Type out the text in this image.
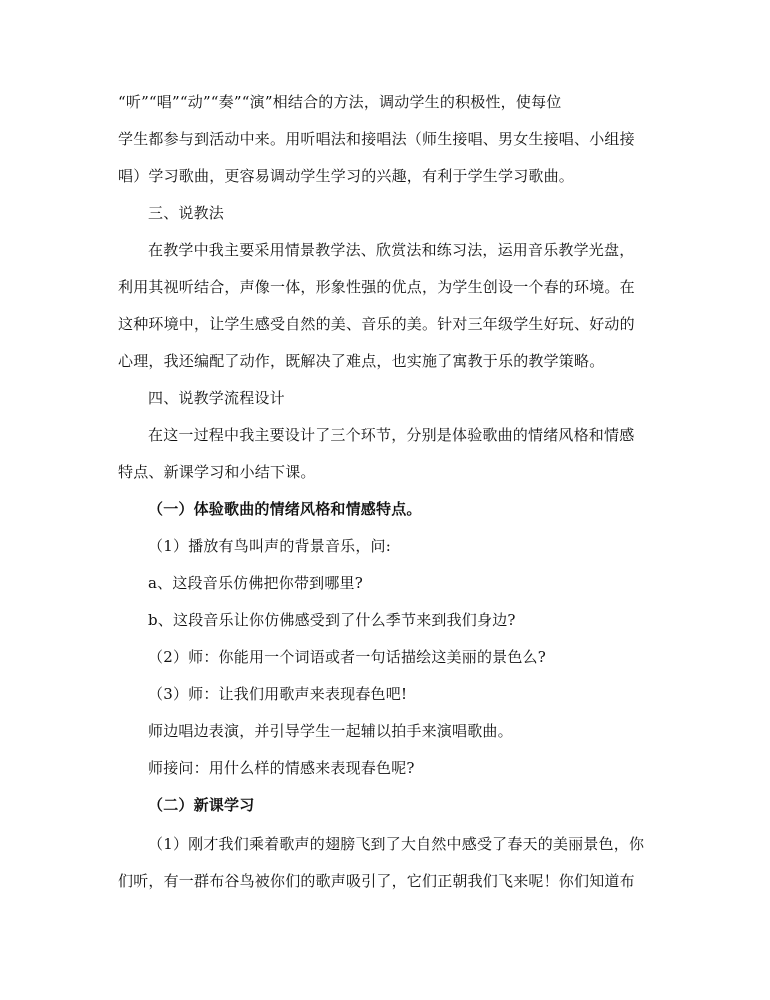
“听”“唱”“动”“奏”“演”相结合的方法，调动学生的积极性，使每位
学生都参与到活动中来。用听唱法和接唱法（师生接唱、男女生接唱、小组接
唱）学习歌曲，更容易调动学生学习的兴趣，有利于学生学习歌曲。
三、说教法
在教学中我主要采用情景教学法、欣赏法和练习法，运用音乐教学光盘，
利用其视听结合，声像一体，形象性强的优点，为学生创设一个春的环境。在
这种环境中，让学生感受自然的美、音乐的美。针对三年级学生好玩、好动的
心理，我还编配了动作，既解决了难点，也实施了寓教于乐的教学策略。
四、说教学流程设计
在这一过程中我主要设计了三个环节，分别是体验歌曲的情绪风格和情感
特点、新课学习和小结下课。
（一）体验歌曲的情绪风格和情感特点。
（1）播放有鸟叫声的背景音乐，问:
a、这段音乐仿佛把你带到哪里?
b、这段音乐让你仿佛感受到了什么季节来到我们身边?
（2）师：你能用一个词语或者一句话描绘这美丽的景色么?
（3）师：让我们用歌声来表现春色吧!
师边唱边表演，并引导学生一起辅以拍手来演唱歌曲。
师接问：用什么样的情感来表现春色呢?
（二）新课学习
（1）刚才我们乘着歌声的翅膀飞到了大自然中感受了春天的美丽景色，你
们听，有一群布谷鸟被你们的歌声吸引了，它们正朝我们飞来呢！你们知道布
